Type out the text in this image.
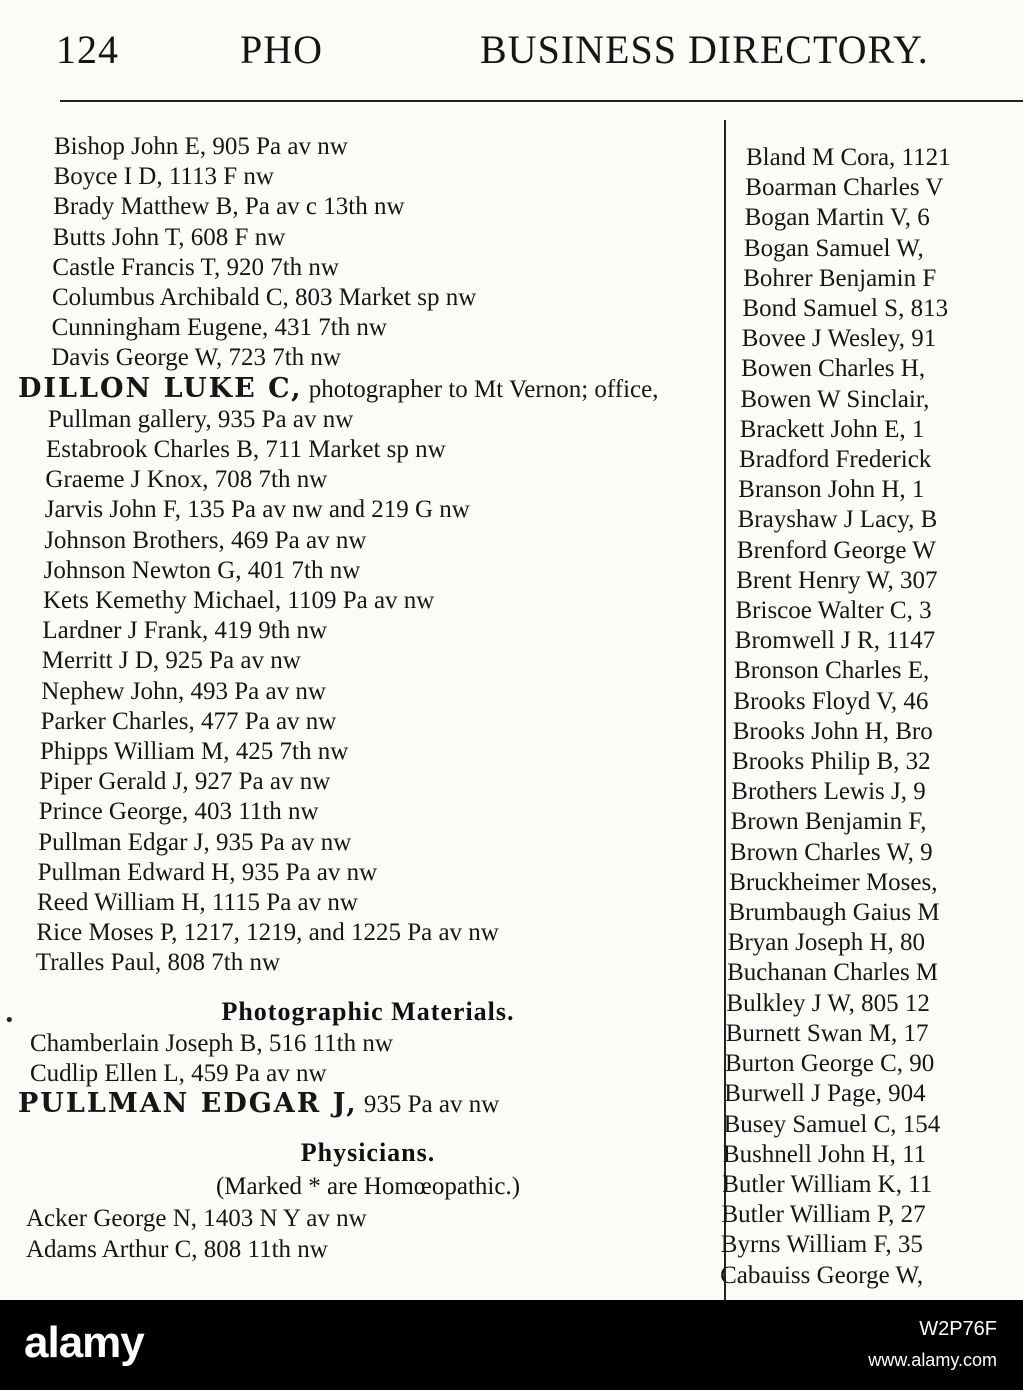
124	PHO	BUSINESS DIRECTORY.
•
Bishop John E, 905 Pa av nw
Boyce I D, 1113 F nw
Brady Matthew B, Pa av c 13th nw
Butts John T, 608 F nw
Castle Francis T, 920 7th nw
Columbus Archibald C, 803 Market sp nw
Cunningham Eugene, 431 7th nw
Davis George W, 723 7th nw
DILLON LUKE C, photographer to Mt Vernon; office, Pullman gallery, 935 Pa av nw
Estabrook Charles B, 711 Market sp nw
Graeme J Knox, 708 7th nw
Jarvis John F, 135 Pa av nw and 219 G nw
Johnson Brothers, 469 Pa av nw
Johnson Newton G, 401 7th nw
Kets Kemethy Michael, 1109 Pa av nw
Lardner J Frank, 419 9th nw
Merritt J D, 925 Pa av nw
Nephew John, 493 Pa av nw
Parker Charles, 477 Pa av nw
Phipps William M, 425 7th nw
Piper Gerald J, 927 Pa av nw
Prince George, 403 11th nw
Pullman Edgar J, 935 Pa av nw
Pullman Edward H, 935 Pa av nw
Reed William H, 1115 Pa av nw
Rice Moses P, 1217, 1219, and 1225 Pa av nw
Tralles Paul, 808 7th nw
Photographic Materials.
Chamberlain Joseph B, 516 11th nw
Cudlip Ellen L, 459 Pa av nw
PULLMAN EDGAR J, 935 Pa av nw
Physicians.
(Marked * are Homœopathic.)
Acker George N, 1403 N Y av nw
Adams Arthur C, 808 11th nw
Bland M Cora, 1121
Boarman Charles V
Bogan Martin V, 6
Bogan Samuel W,
Bohrer Benjamin F
Bond Samuel S, 813
Bovee J Wesley, 91
Bowen Charles H,
Bowen W Sinclair,
Brackett John E, 1
Bradford Frederick
Branson John H, 1
Brayshaw J Lacy, B
Brenford George W
Brent Henry W, 307
Briscoe Walter C, 3
Bromwell J R, 1147
Bronson Charles E,
Brooks Floyd V, 46
Brooks John H, Bro
Brooks Philip B, 32
Brothers Lewis J, 9
Brown Benjamin F,
Brown Charles W, 9
Bruckheimer Moses,
Brumbaugh Gaius M
Bryan Joseph H, 80
Buchanan Charles M
Bulkley J W, 805 12
Burnett Swan M, 17
Burton George C, 90
Burwell J Page, 904
Busey Samuel C, 154
Bushnell John H, 11
Butler William K, 11
Butler William P, 27
Byrns William F, 35
Cabauiss George W,
alamy	W2P76F
www.alamy.com
